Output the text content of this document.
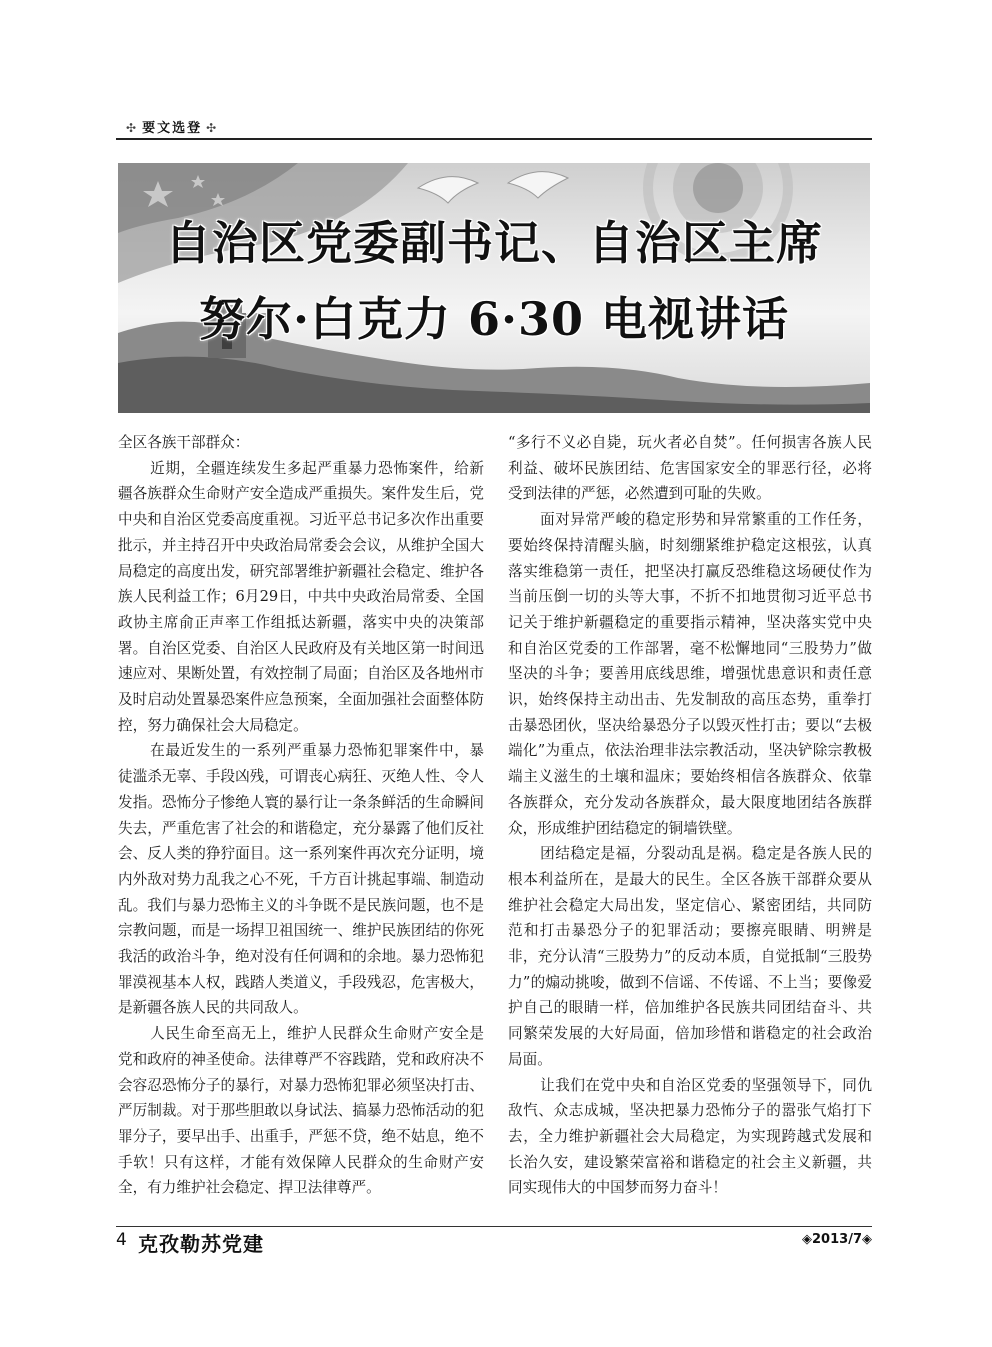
✣ 要文选登 ✣
自治区党委副书记、自治区主席
努尔·白克力 6·30 电视讲话

全区各族干部群众：

近期，全疆连续发生多起严重暴力恐怖案件，给新疆各族群众生命财产安全造成严重损失。案件发生后，党中央和自治区党委高度重视。习近平总书记多次作出重要批示，并主持召开中央政治局常委会会议，从维护全国大局稳定的高度出发，研究部署维护新疆社会稳定、维护各族人民利益工作；6月29日，中共中央政治局常委、全国政协主席俞正声率工作组抵达新疆，落实中央的决策部署。自治区党委、自治区人民政府及有关地区第一时间迅速应对、果断处置，有效控制了局面；自治区及各地州市及时启动处置暴恐案件应急预案，全面加强社会面整体防控，努力确保社会大局稳定。

在最近发生的一系列严重暴力恐怖犯罪案件中，暴徒滥杀无辜、手段凶残，可谓丧心病狂、灭绝人性、令人发指。恐怖分子惨绝人寰的暴行让一条条鲜活的生命瞬间失去，严重危害了社会的和谐稳定，充分暴露了他们反社会、反人类的狰狞面目。这一系列案件再次充分证明，境内外敌对势力乱我之心不死，千方百计挑起事端、制造动乱。我们与暴力恐怖主义的斗争既不是民族问题，也不是宗教问题，而是一场捍卫祖国统一、维护民族团结的你死我活的政治斗争，绝对没有任何调和的余地。暴力恐怖犯罪漠视基本人权，践踏人类道义，手段残忍，危害极大，是新疆各族人民的共同敌人。

人民生命至高无上，维护人民群众生命财产安全是党和政府的神圣使命。法律尊严不容践踏，党和政府决不会容忍恐怖分子的暴行，对暴力恐怖犯罪必须坚决打击、严厉制裁。对于那些胆敢以身试法、搞暴力恐怖活动的犯罪分子，要早出手、出重手，严惩不贷，绝不姑息，绝不手软！只有这样，才能有效保障人民群众的生命财产安全，有力维护社会稳定、捍卫法律尊严。

“多行不义必自毙，玩火者必自焚”。任何损害各族人民利益、破坏民族团结、危害国家安全的罪恶行径，必将受到法律的严惩，必然遭到可耻的失败。

面对异常严峻的稳定形势和异常繁重的工作任务，要始终保持清醒头脑，时刻绷紧维护稳定这根弦，认真落实维稳第一责任，把坚决打赢反恐维稳这场硬仗作为当前压倒一切的头等大事，不折不扣地贯彻习近平总书记关于维护新疆稳定的重要指示精神，坚决落实党中央和自治区党委的工作部署，毫不松懈地同“三股势力”做坚决的斗争；要善用底线思维，增强忧患意识和责任意识，始终保持主动出击、先发制敌的高压态势，重拳打击暴恐团伙，坚决给暴恐分子以毁灭性打击；要以“去极端化”为重点，依法治理非法宗教活动，坚决铲除宗教极端主义滋生的土壤和温床；要始终相信各族群众、依靠各族群众，充分发动各族群众，最大限度地团结各族群众，形成维护团结稳定的铜墙铁壁。

团结稳定是福，分裂动乱是祸。稳定是各族人民的根本利益所在，是最大的民生。全区各族干部群众要从维护社会稳定大局出发，坚定信心、紧密团结，共同防范和打击暴恐分子的犯罪活动；要擦亮眼睛、明辨是非，充分认清“三股势力”的反动本质，自觉抵制“三股势力”的煽动挑唆，做到不信谣、不传谣、不上当；要像爱护自己的眼睛一样，倍加维护各民族共同团结奋斗、共同繁荣发展的大好局面，倍加珍惜和谐稳定的社会政治局面。

让我们在党中央和自治区党委的坚强领导下，同仇敌忾、众志成城，坚决把暴力恐怖分子的嚣张气焰打下去，全力维护新疆社会大局稳定，为实现跨越式发展和长治久安，建设繁荣富裕和谐稳定的社会主义新疆，共同实现伟大的中国梦而努力奋斗！

4 克孜勒苏党建	◈2013/7◈
